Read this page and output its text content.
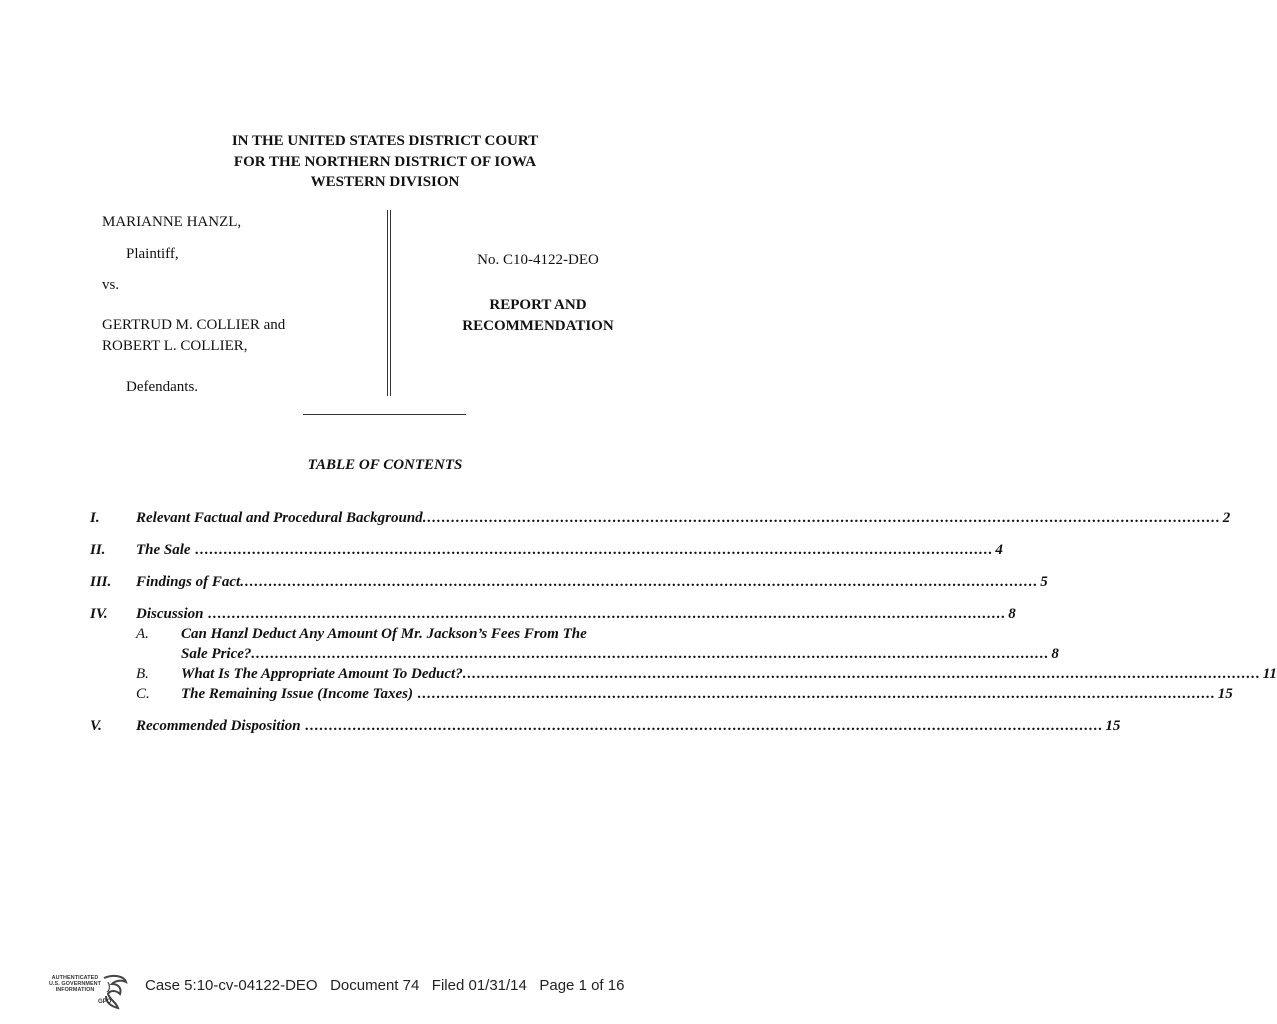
IN THE UNITED STATES DISTRICT COURT
FOR THE NORTHERN DISTRICT OF IOWA
WESTERN DIVISION
MARIANNE HANZL,
Plaintiff,
vs.
GERTRUD M. COLLIER and
ROBERT L. COLLIER,
Defendants.
No. C10-4122-DEO
REPORT AND
RECOMMENDATION
TABLE OF CONTENTS
I. Relevant Factual and Procedural Background ........................................................................................................................................................................ 2
II. The Sale ........................................................................................................................................................................ 4
III. Findings of Fact ........................................................................................................................................................................ 5
IV. Discussion ........................................................................................................................................................................ 8
A. Can Hanzl Deduct Any Amount Of Mr. Jackson’s Fees From The
Sale Price? ........................................................................................................................................................................ 8
B. What Is The Appropriate Amount To Deduct? ........................................................................................................................................................................ 11
C. The Remaining Issue (Income Taxes) ........................................................................................................................................................................ 15
V. Recommended Disposition ........................................................................................................................................................................ 15
AUTHENTICATED
U.S. GOVERNMENT
INFORMATION
GPO
Case 5:10-cv-04122-DEO   Document 74   Filed 01/31/14   Page 1 of 16
